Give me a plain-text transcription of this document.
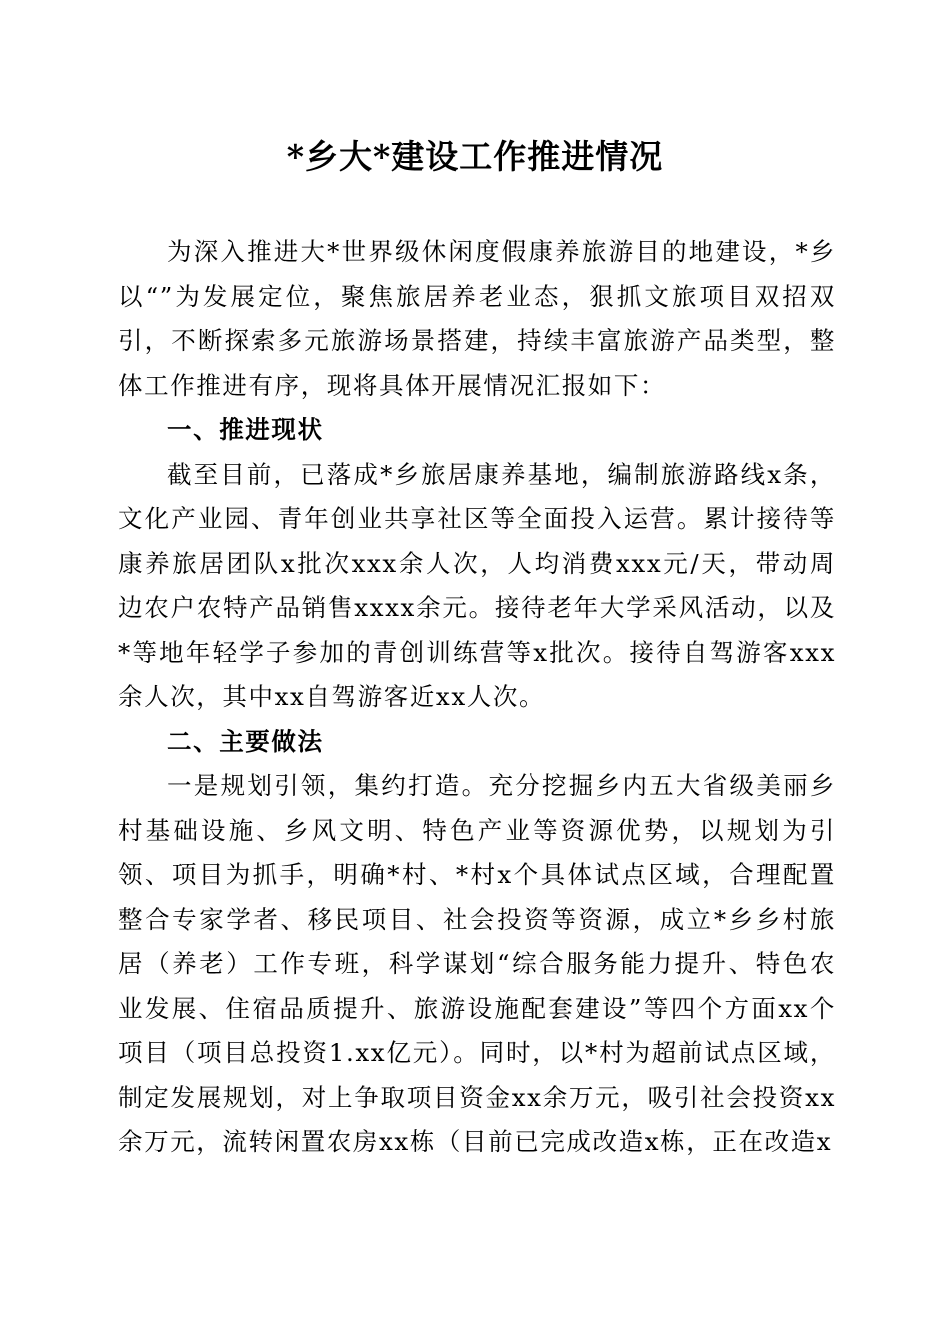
*乡大*建设工作推进情况

为深入推进大*世界级休闲度假康养旅游目的地建设，*乡以“”为发展定位，聚焦旅居养老业态，狠抓文旅项目双招双引，不断探索多元旅游场景搭建，持续丰富旅游产品类型，整体工作推进有序，现将具体开展情况汇报如下：

一、推进现状

截至目前，已落成*乡旅居康养基地，编制旅游路线x条，文化产业园、青年创业共享社区等全面投入运营。累计接待等康养旅居团队x批次xxx余人次，人均消费xxx元/天，带动周边农户农特产品销售xxxx余元。接待老年大学采风活动，以及*等地年轻学子参加的青创训练营等x批次。接待自驾游客xxx余人次，其中xx自驾游客近xx人次。

二、主要做法

一是规划引领，集约打造。充分挖掘乡内五大省级美丽乡村基础设施、乡风文明、特色产业等资源优势，以规划为引领、项目为抓手，明确*村、*村x个具体试点区域，合理配置整合专家学者、移民项目、社会投资等资源，成立*乡乡村旅居（养老）工作专班，科学谋划“综合服务能力提升、特色农业发展、住宿品质提升、旅游设施配套建设”等四个方面xx个项目（项目总投资1.xx亿元）。同时，以*村为超前试点区域，制定发展规划，对上争取项目资金xx余万元，吸引社会投资xx余万元，流转闲置农房xx栋（目前已完成改造x栋，正在改造x
